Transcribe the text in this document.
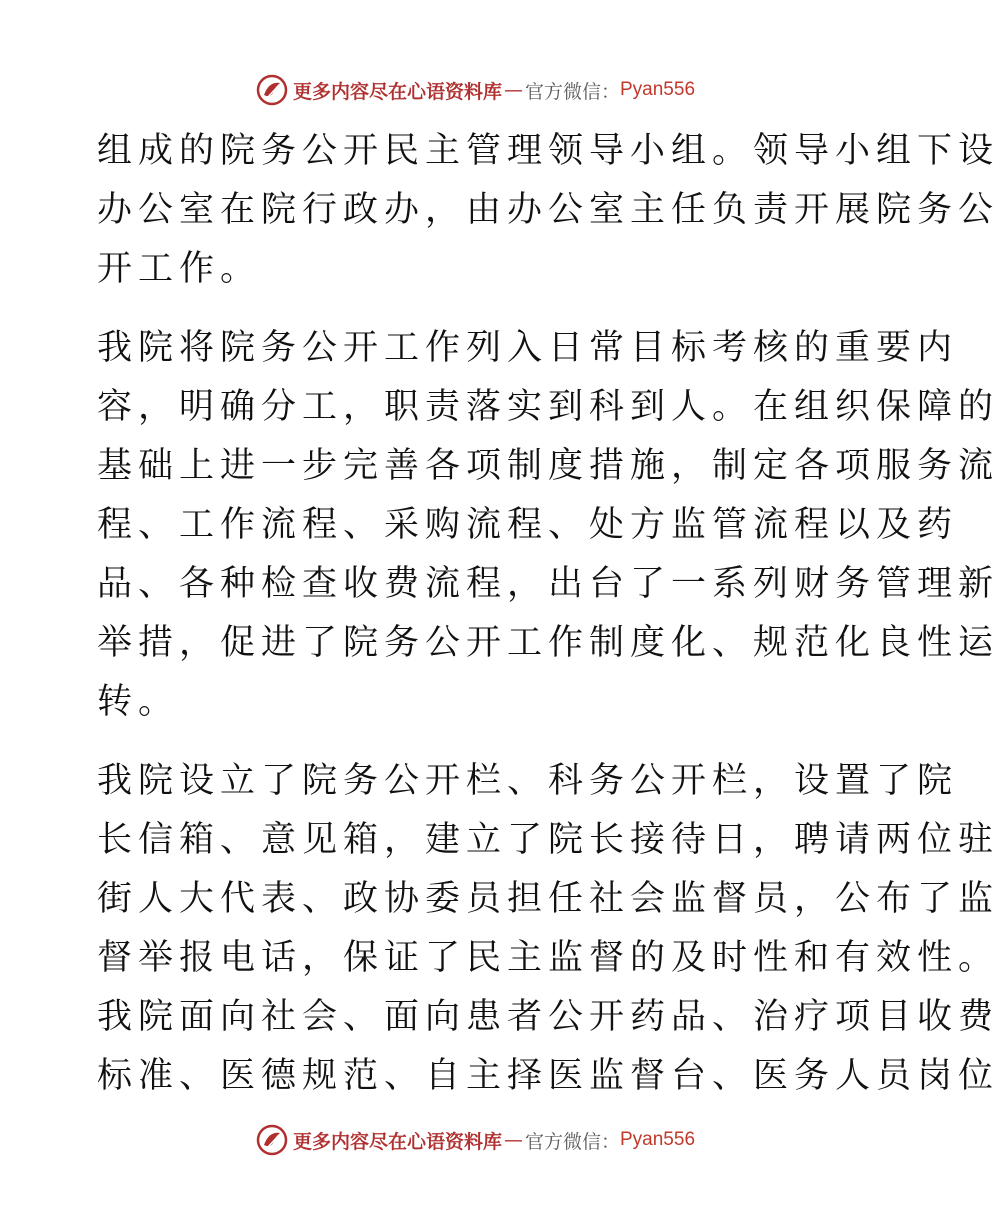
更多内容尽在心语资料库 — 官方微信： Pyan556

组成的院务公开民主管理领导小组。领导小组下设
办公室在院行政办，由办公室主任负责开展院务公
开工作。

我院将院务公开工作列入日常目标考核的重要内
容，明确分工，职责落实到科到人。在组织保障的
基础上进一步完善各项制度措施，制定各项服务流
程、工作流程、采购流程、处方监管流程以及药
品、各种检查收费流程，出台了一系列财务管理新
举措，促进了院务公开工作制度化、规范化良性运
转。

我院设立了院务公开栏、科务公开栏，设置了院
长信箱、意见箱，建立了院长接待日，聘请两位驻
街人大代表、政协委员担任社会监督员，公布了监
督举报电话，保证了民主监督的及时性和有效性。
我院面向社会、面向患者公开药品、治疗项目收费
标准、医德规范、自主择医监督台、医务人员岗位

更多内容尽在心语资料库 — 官方微信： Pyan556
